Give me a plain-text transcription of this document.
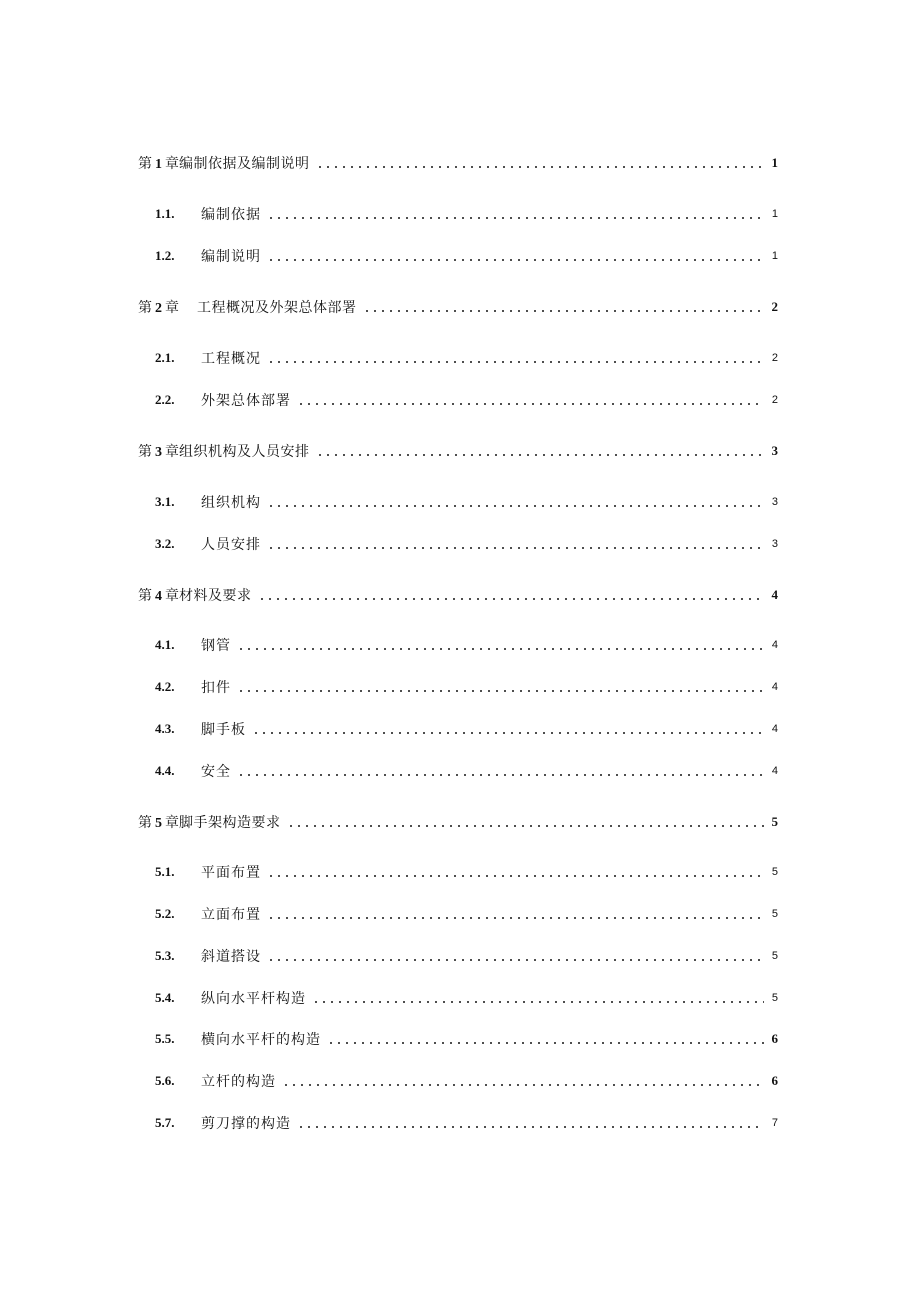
第 1 章 编制依据及编制说明	1
1.1.	编制依据	1
1.2.	编制说明	1
第 2 章 工程概况及外架总体部署	2
2.1.	工程概况	2
2.2.	外架总体部署	2
第 3 章 组织机构及人员安排	3
3.1.	组织机构	3
3.2.	人员安排	3
第 4 章 材料及要求	4
4.1.	钢管	4
4.2.	扣件	4
4.3.	脚手板	4
4.4.	安全	4
第 5 章 脚手架构造要求	5
5.1.	平面布置	5
5.2.	立面布置	5
5.3.	斜道搭设	5
5.4.	纵向水平杆构造	5
5.5.	横向水平杆的构造	6
5.6.	立杆的构造	6
5.7.	剪刀撑的构造	7
